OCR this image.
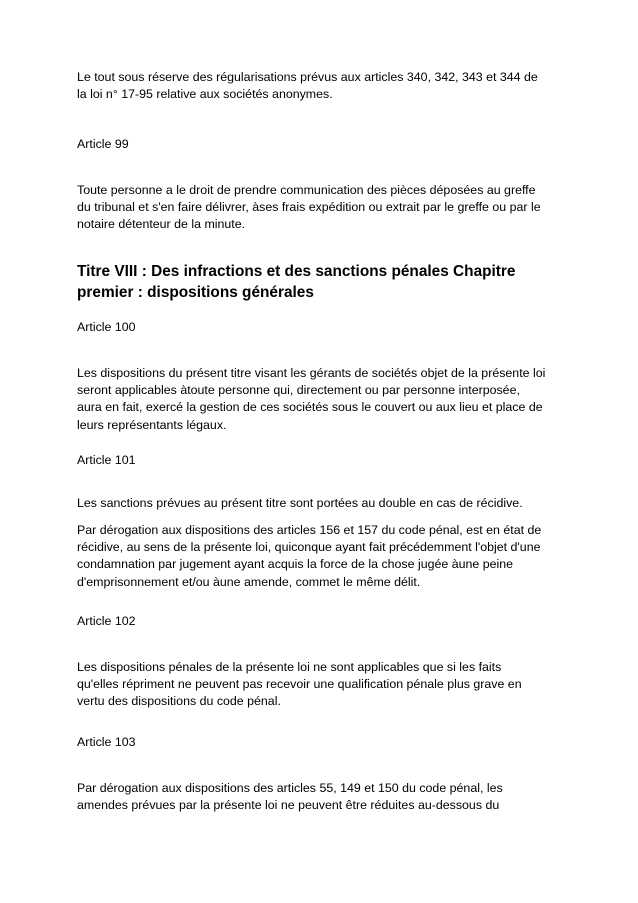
Le tout sous réserve des régularisations prévus aux articles 340, 342, 343 et 344 de
la loi n° 17-95 relative aux sociétés anonymes.

Article 99

Toute personne a le droit de prendre communication des pièces déposées au greffe
du tribunal et s'en faire délivrer, àses frais expédition ou extrait par le greffe ou par le
notaire détenteur de la minute.

Titre VIII : Des infractions et des sanctions pénales Chapitre
premier : dispositions générales

Article 100

Les dispositions du présent titre visant les gérants de sociétés objet de la présente loi
seront applicables àtoute personne qui, directement ou par personne interposée,
aura en fait, exercé la gestion de ces sociétés sous le couvert ou aux lieu et place de
leurs représentants légaux.

Article 101

Les sanctions prévues au présent titre sont portées au double en cas de récidive.

Par dérogation aux dispositions des articles 156 et 157 du code pénal, est en état de
récidive, au sens de la présente loi, quiconque ayant fait précédemment l'objet d'une
condamnation par jugement ayant acquis la force de la chose jugée àune peine
d'emprisonnement et/ou àune amende, commet le même délit.

Article 102

Les dispositions pénales de la présente loi ne sont applicables que si les faits
qu'elles répriment ne peuvent pas recevoir une qualification pénale plus grave en
vertu des dispositions du code pénal.

Article 103

Par dérogation aux dispositions des articles 55, 149 et 150 du code pénal, les
amendes prévues par la présente loi ne peuvent être réduites au-dessous du
